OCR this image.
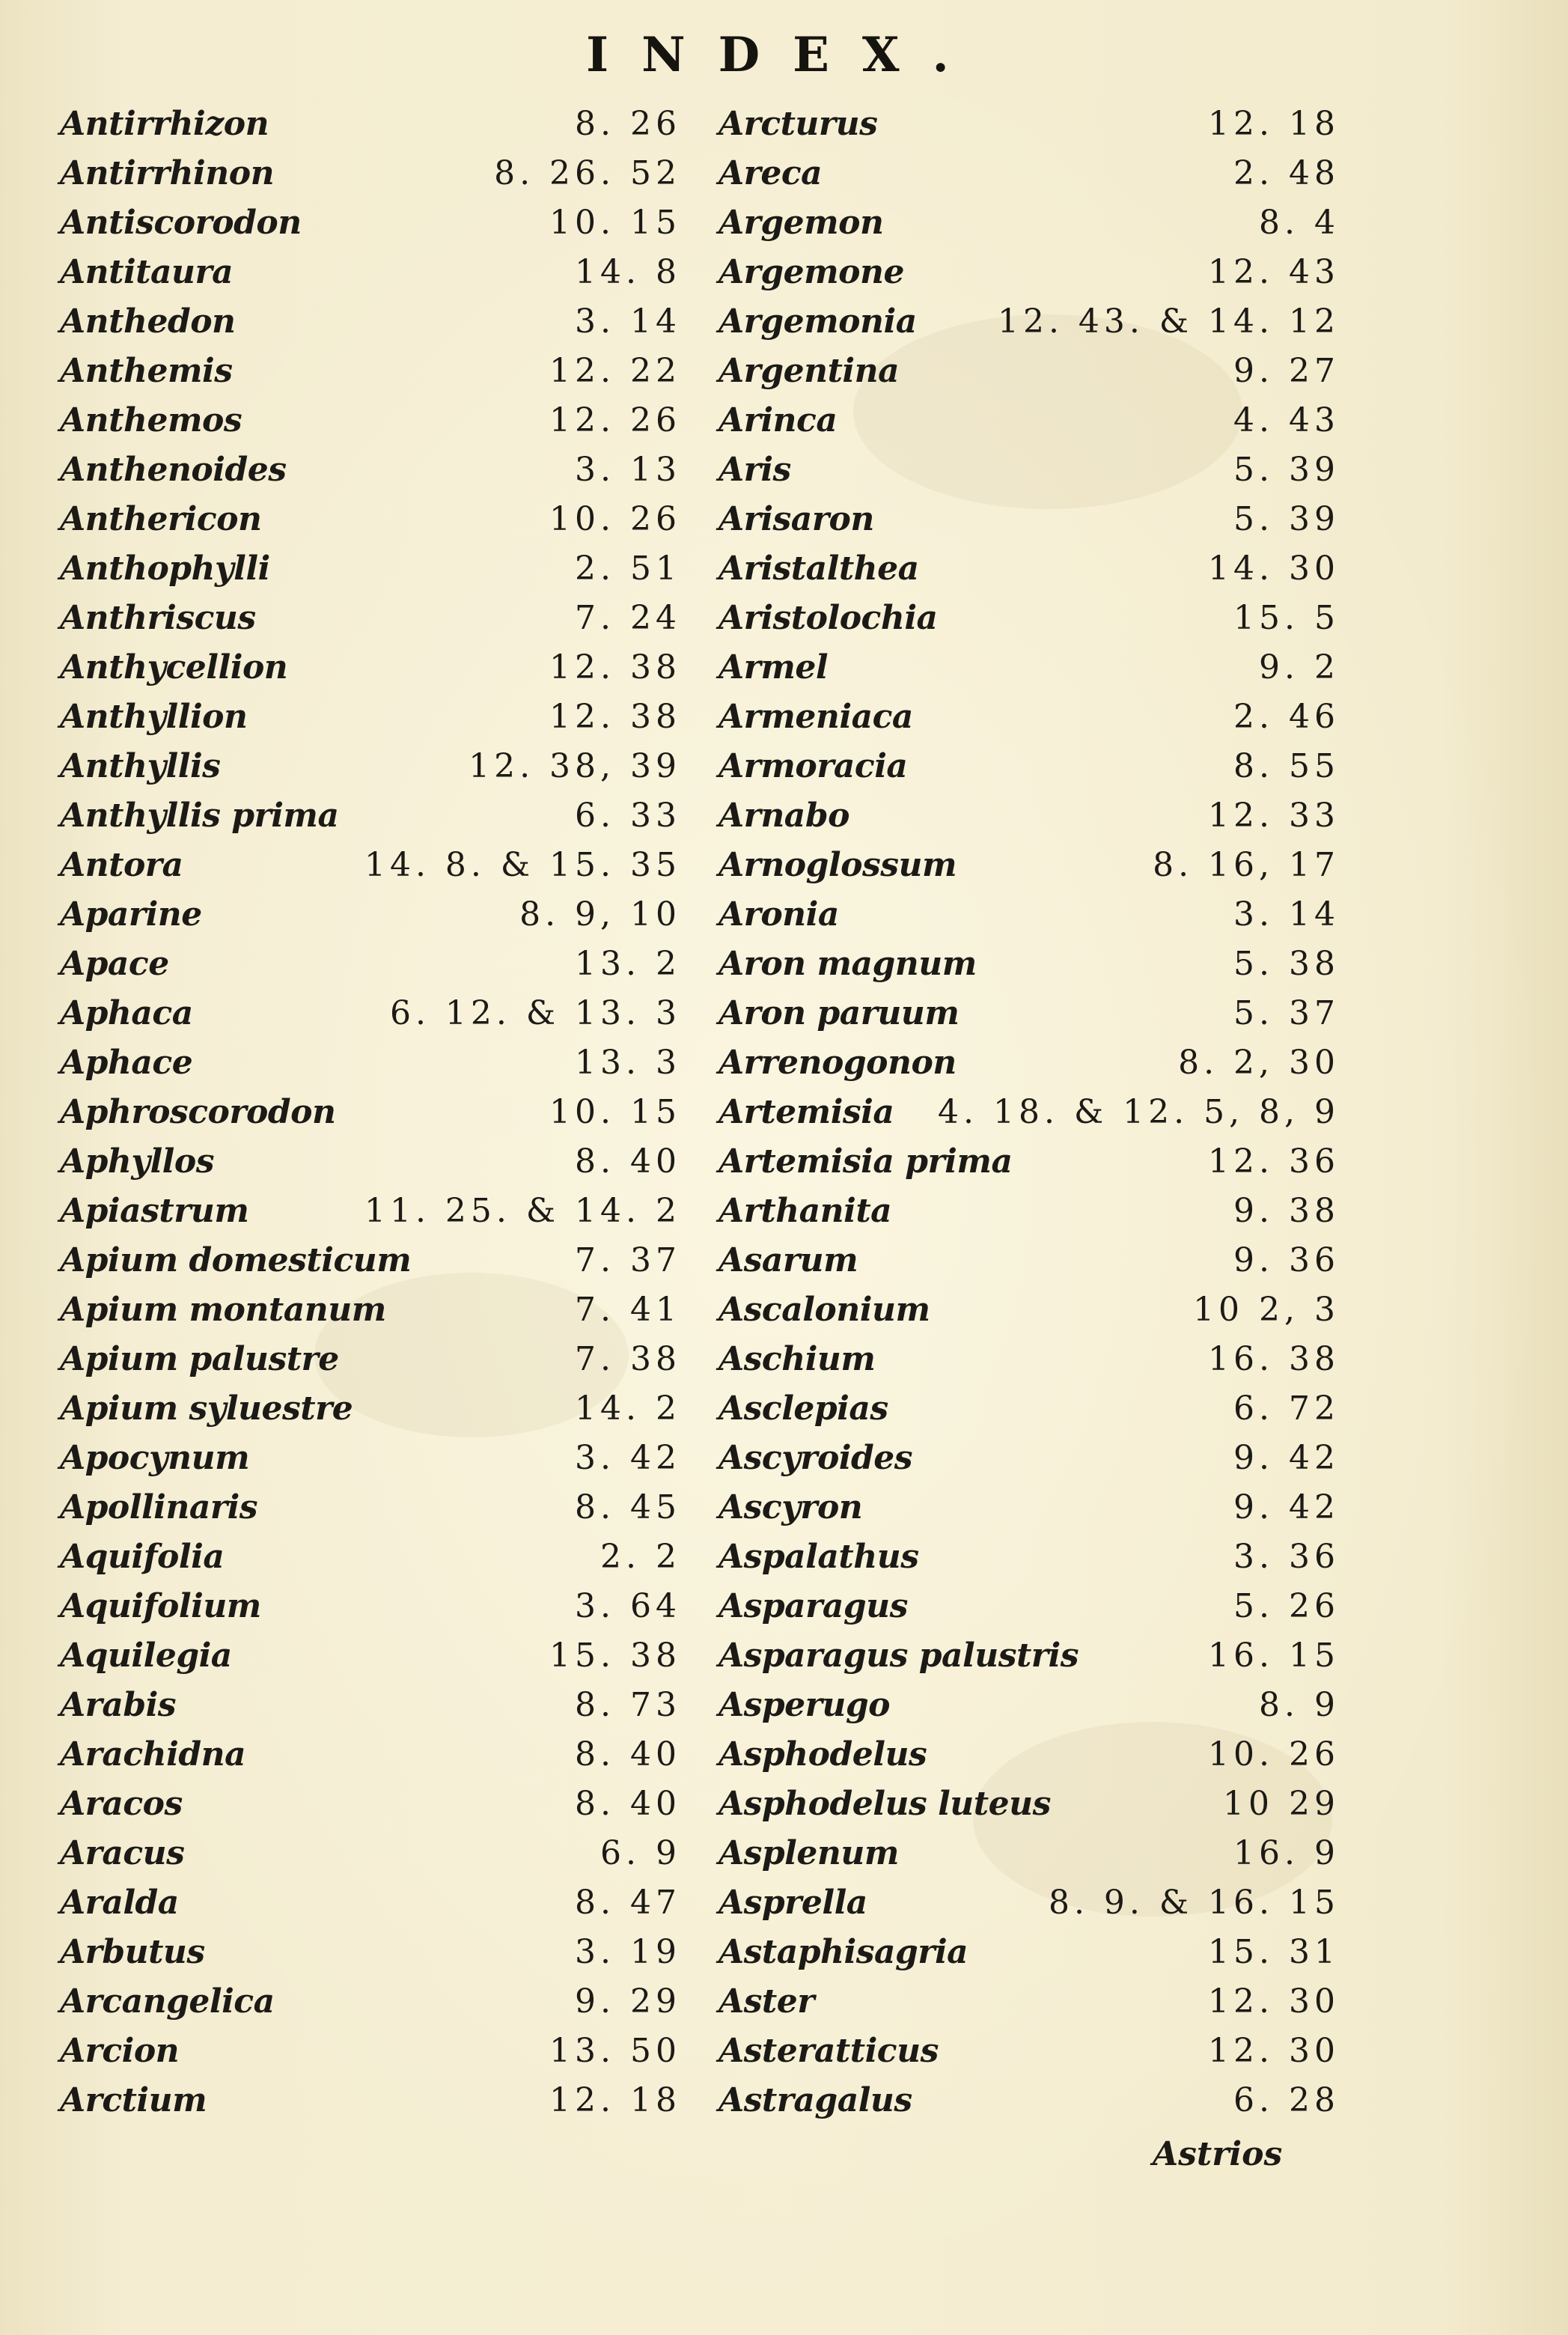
INDEX.
Antirrhizon	8. 26
Antirrhinon	8. 26. 52
Antiscorodon	10. 15
Antitaura	14. 8
Anthedon	3. 14
Anthemis	12. 22
Anthemos	12. 26
Anthenoides	3. 13
Anthericon	10. 26
Anthophylli	2. 51
Anthriscus	7. 24
Anthycellion	12. 38
Anthyllion	12. 38
Anthyllis	12. 38, 39
Anthyllis prima	6. 33
Antora	14. 8. & 15. 35
Aparine	8. 9, 10
Apace	13. 2
Aphaca	6. 12. & 13. 3
Aphace	13. 3
Aphroscorodon	10. 15
Aphyllos	8. 40
Apiastrum	11. 25. & 14. 2
Apium domesticum	7. 37
Apium montanum	7. 41
Apium palustre	7. 38
Apium syluestre	14. 2
Apocynum	3. 42
Apollinaris	8. 45
Aquifolia	2. 2
Aquifolium	3. 64
Aquilegia	15. 38
Arabis	8. 73
Arachidna	8. 40
Aracos	8. 40
Aracus	6. 9
Aralda	8. 47
Arbutus	3. 19
Arcangelica	9. 29
Arcion	13. 50
Arctium	12. 18
Arcturus	12. 18
Areca	2. 48
Argemon	8. 4
Argemone	12. 43
Argemonia 12. 43. & 14. 12
Argentina	9. 27
Arinca	4. 43
Aris	5. 39
Arisaron	5. 39
Aristalthea	14. 30
Aristolochia	15. 5
Armel	9. 2
Armeniaca	2. 46
Armoracia	8. 55
Arnabo	12. 33
Arnoglossum	8. 16, 17
Aronia	3. 14
Aron magnum	5. 38
Aron paruum	5. 37
Arrenogonon	8. 2, 30
Artemisia 4. 18. & 12. 5, 8, 9
Artemisia prima	12. 36
Arthanita	9. 38
Asarum	9. 36
Ascalonium	10 2, 3
Aschium	16. 38
Asclepias	6. 72
Ascyroides	9. 42
Ascyron	9. 42
Aspalathus	3. 36
Asparagus	5. 26
Asparagus palustris	16. 15
Asperugo	8. 9
Asphodelus	10. 26
Asphodelus luteus	10 29
Asplenum	16. 9
Asprella	8. 9. & 16. 15
Astaphisagria	15. 31
Aster	12. 30
Asteratticus	12. 30
Astragalus	6. 28
Astrios
